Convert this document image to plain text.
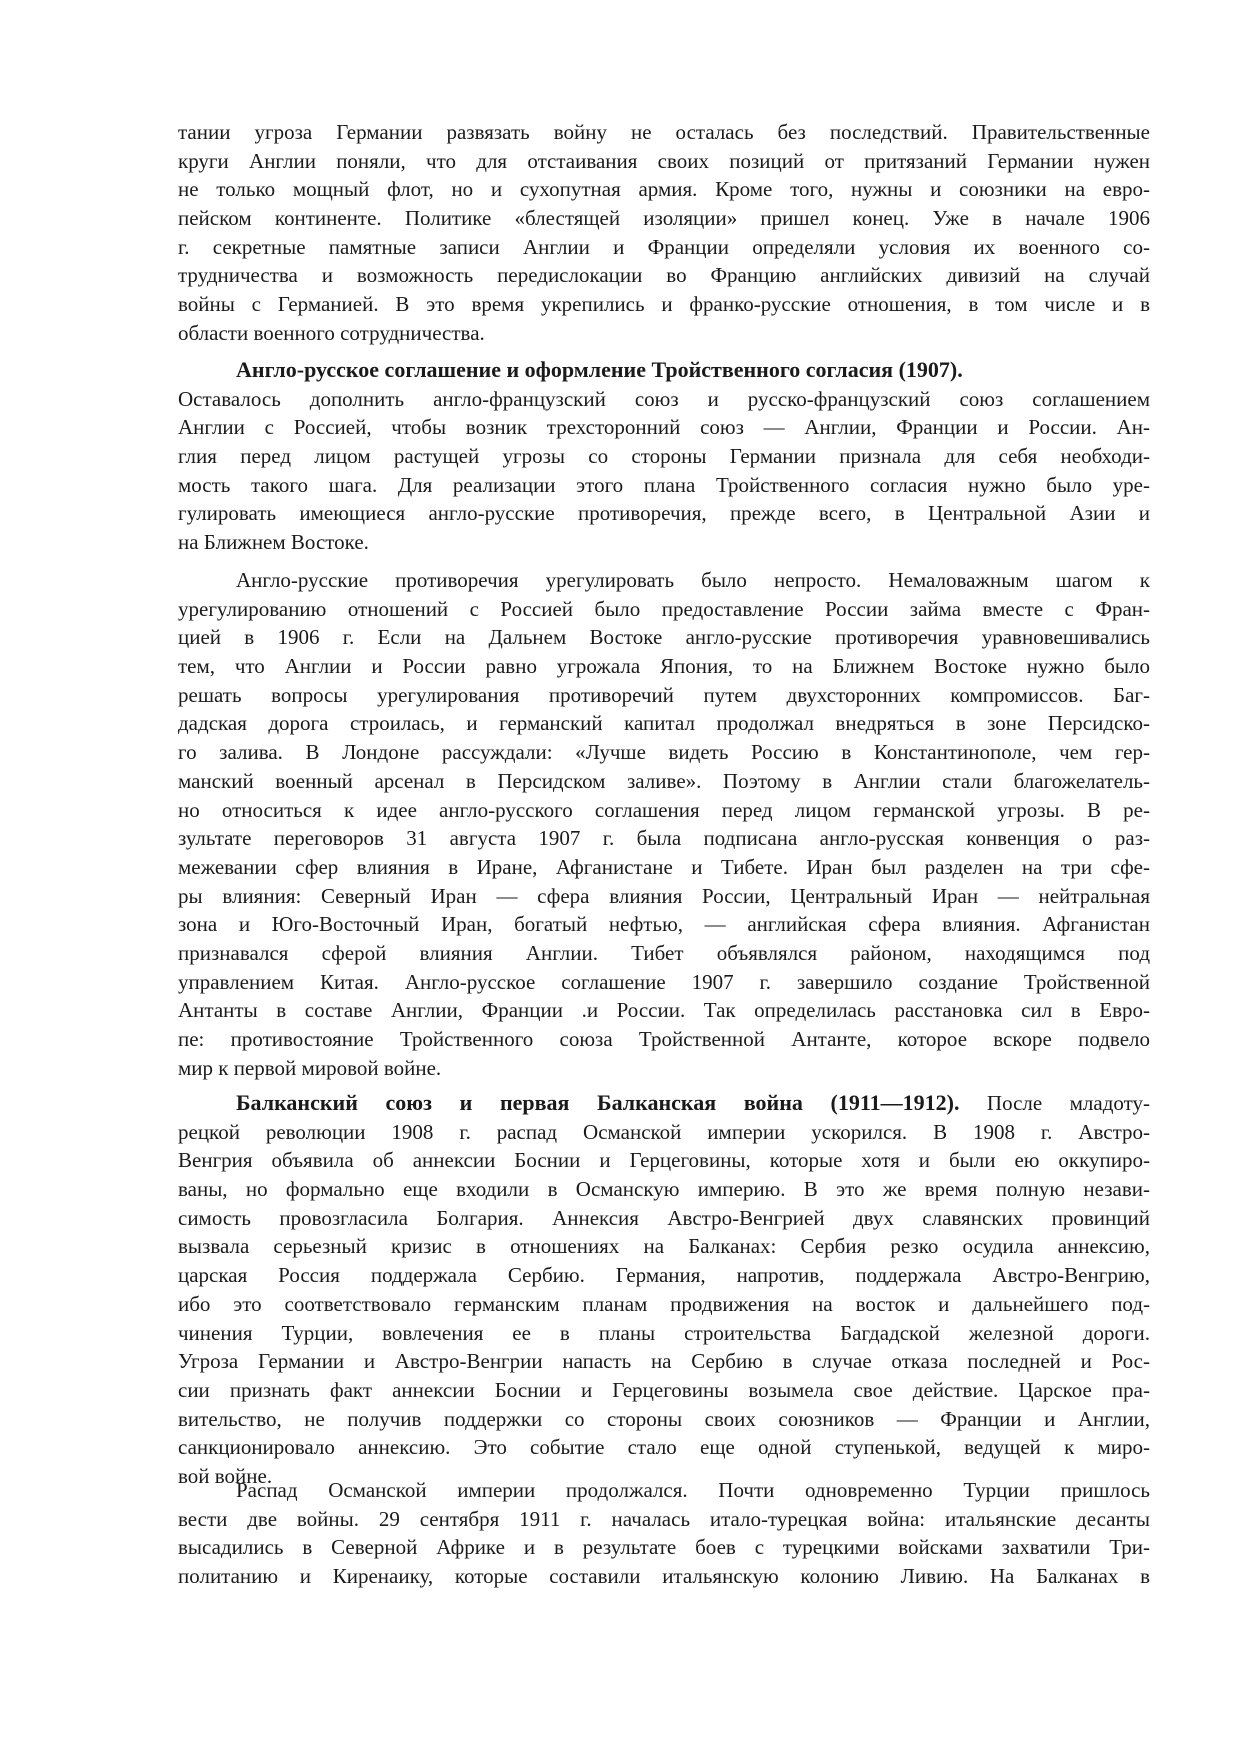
тании угроза Германии развязать войну не осталась без последствий. Правительственные
круги Англии поняли, что для отстаивания своих позиций от притязаний Германии нужен
не только мощный флот, но и сухопутная армия. Кроме того, нужны и союзники на евро-
пейском континенте. Политике «блестящей изоляции» пришел конец. Уже в начале 1906
г. секретные памятные записи Англии и Франции определяли условия их военного со-
трудничества и возможность передислокации во Францию английских дивизий на случай
войны с Германией. В это время укрепились и франко-русские отношения, в том числе и в
области военного сотрудничества.
Англо-русское соглашение и оформление Тройственного согласия (1907).
Оставалось дополнить англо-французский союз и русско-французский союз соглашением
Англии с Россией, чтобы возник трехсторонний союз — Англии, Франции и России. Ан-
глия перед лицом растущей угрозы со стороны Германии признала для себя необходи-
мость такого шага. Для реализации этого плана Тройственного согласия нужно было уре-
гулировать имеющиеся англо-русские противоречия, прежде всего, в Центральной Азии и
на Ближнем Востоке.
Англо-русские противоречия урегулировать было непросто. Немаловажным шагом к
урегулированию отношений с Россией было предоставление России займа вместе с Фран-
цией в 1906 г. Если на Дальнем Востоке англо-русские противоречия уравновешивались
тем, что Англии и России равно угрожала Япония, то на Ближнем Востоке нужно было
решать вопросы урегулирования противоречий путем двухсторонних компромиссов. Баг-
дадская дорога строилась, и германский капитал продолжал внедряться в зоне Персидско-
го залива. В Лондоне рассуждали: «Лучше видеть Россию в Константинополе, чем гер-
манский военный арсенал в Персидском заливе». Поэтому в Англии стали благожелатель-
но относиться к идее англо-русского соглашения перед лицом германской угрозы. В ре-
зультате переговоров 31 августа 1907 г. была подписана англо-русская конвенция о раз-
межевании сфер влияния в Иране, Афганистане и Тибете. Иран был разделен на три сфе-
ры влияния: Северный Иран — сфера влияния России, Центральный Иран — нейтральная
зона и Юго-Восточный Иран, богатый нефтью, — английская сфера влияния. Афганистан
признавался сферой влияния Англии. Тибет объявлялся районом, находящимся под
управлением Китая. Англо-русское соглашение 1907 г. завершило создание Тройственной
Антанты в составе Англии, Франции .и России. Так определилась расстановка сил в Евро-
пе: противостояние Тройственного союза Тройственной Антанте, которое вскоре подвело
мир к первой мировой войне.
Балканский союз и первая Балканская война (1911—1912). После младоту-
рецкой революции 1908 г. распад Османской империи ускорился. В 1908 г. Австро-
Венгрия объявила об аннексии Боснии и Герцеговины, которые хотя и были ею оккупиро-
ваны, но формально еще входили в Османскую империю. В это же время полную незави-
симость провозгласила Болгария. Аннексия Австро-Венгрией двух славянских провинций
вызвала серьезный кризис в отношениях на Балканах: Сербия резко осудила аннексию,
царская Россия поддержала Сербию. Германия, напротив, поддержала Австро-Венгрию,
ибо это соответствовало германским планам продвижения на восток и дальнейшего под-
чинения Турции, вовлечения ее в планы строительства Багдадской железной дороги.
Угроза Германии и Австро-Венгрии напасть на Сербию в случае отказа последней и Рос-
сии признать факт аннексии Боснии и Герцеговины возымела свое действие. Царское пра-
вительство, не получив поддержки со стороны своих союзников — Франции и Англии,
санкционировало аннексию. Это событие стало еще одной ступенькой, ведущей к миро-
вой войне.
Распад Османской империи продолжался. Почти одновременно Турции пришлось
вести две войны. 29 сентября 1911 г. началась итало-турецкая война: итальянские десанты
высадились в Северной Африке и в результате боев с турецкими войсками захватили Три-
политанию и Киренаику, которые составили итальянскую колонию Ливию. На Балканах в
